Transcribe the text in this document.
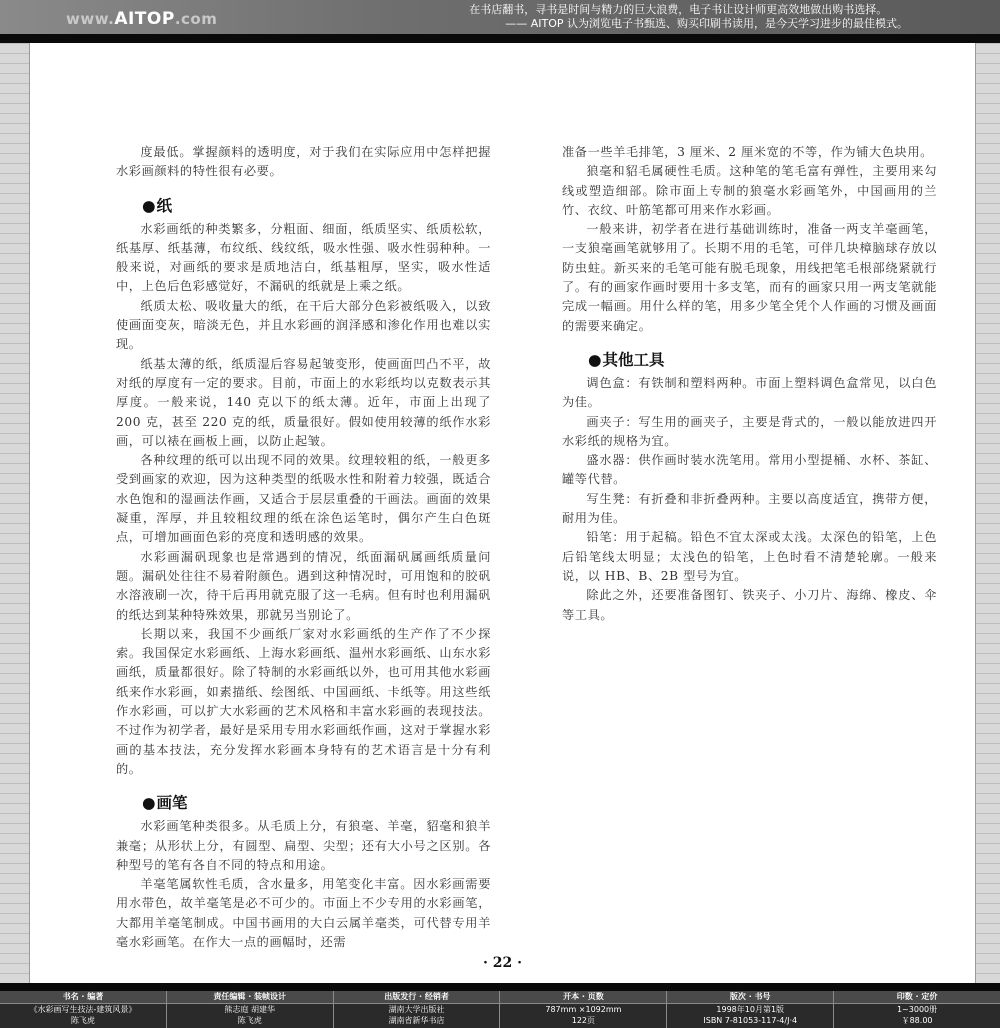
www.AITOP.com
在书店翻书，寻书是时间与精力的巨大浪费，电子书让设计师更高效地做出购书选择。
—— AITOP 认为浏览电子书甄选、购买印刷书读用，是今天学习进步的最佳模式。

度最低。掌握颜料的透明度，对于我们在实际应用中怎样把握水彩画颜料的特性很有必要。

●纸

水彩画纸的种类繁多，分粗面、细面，纸质坚实、纸质松软，纸基厚、纸基薄，布纹纸、线纹纸，吸水性强、吸水性弱种种。一般来说，对画纸的要求是质地洁白，纸基粗厚，坚实，吸水性适中，上色后色彩感觉好，不漏矾的纸就是上乘之纸。

纸质太松、吸收量大的纸，在干后大部分色彩被纸吸入，以致使画面变灰，暗淡无色，并且水彩画的润泽感和渗化作用也难以实现。

纸基太薄的纸，纸质湿后容易起皱变形，使画面凹凸不平，故对纸的厚度有一定的要求。目前，市面上的水彩纸均以克数表示其厚度。一般来说，140 克以下的纸太薄。近年，市面上出现了 200 克，甚至 220 克的纸，质量很好。假如使用较薄的纸作水彩画，可以裱在画板上画，以防止起皱。

各种纹理的纸可以出现不同的效果。纹理较粗的纸，一般更多受到画家的欢迎，因为这种类型的纸吸水性和附着力较强，既适合水色饱和的湿画法作画，又适合于层层重叠的干画法。画面的效果凝重，浑厚，并且较粗纹理的纸在涂色运笔时，偶尔产生白色斑点，可增加画面色彩的亮度和透明感的效果。

水彩画漏矾现象也是常遇到的情况，纸面漏矾属画纸质量问题。漏矾处往往不易着附颜色。遇到这种情况时，可用饱和的胶矾水溶液刷一次，待干后再用就克服了这一毛病。但有时也利用漏矾的纸达到某种特殊效果，那就另当别论了。

长期以来，我国不少画纸厂家对水彩画纸的生产作了不少探索。我国保定水彩画纸、上海水彩画纸、温州水彩画纸、山东水彩画纸，质量都很好。除了特制的水彩画纸以外，也可用其他水彩画纸来作水彩画，如素描纸、绘图纸、中国画纸、卡纸等。用这些纸作水彩画，可以扩大水彩画的艺术风格和丰富水彩画的表现技法。不过作为初学者，最好是采用专用水彩画纸作画，这对于掌握水彩画的基本技法，充分发挥水彩画本身特有的艺术语言是十分有利的。

●画笔

水彩画笔种类很多。从毛质上分，有狼毫、羊毫，貂毫和狼羊兼毫；从形状上分，有圆型、扁型、尖型；还有大小号之区别。各种型号的笔有各自不同的特点和用途。

羊毫笔属软性毛质，含水量多，用笔变化丰富。因水彩画需要用水带色，故羊毫笔是必不可少的。市面上不少专用的水彩画笔，大都用羊毫笔制成。中国书画用的大白云属羊毫类，可代替专用羊毫水彩画笔。在作大一点的画幅时，还需

准备一些羊毛排笔，3 厘米、2 厘米宽的不等，作为铺大色块用。

狼毫和貂毛属硬性毛质。这种笔的笔毛富有弹性，主要用来勾线或塑造细部。除市面上专制的狼毫水彩画笔外，中国画用的兰竹、衣纹、叶筋笔都可用来作水彩画。

一般来讲，初学者在进行基础训练时，准备一两支羊毫画笔，一支狼毫画笔就够用了。长期不用的毛笔，可伴几块樟脑球存放以防虫蛀。新买来的毛笔可能有脱毛现象，用线把笔毛根部绕紧就行了。有的画家作画时要用十多支笔，而有的画家只用一两支笔就能完成一幅画。用什么样的笔，用多少笔全凭个人作画的习惯及画面的需要来确定。

●其他工具

调色盒：有铁制和塑料两种。市面上塑料调色盒常见，以白色为佳。

画夹子：写生用的画夹子，主要是背式的，一般以能放进四开水彩纸的规格为宜。

盛水器：供作画时装水洗笔用。常用小型提桶、水杯、茶缸、罐等代替。

写生凳：有折叠和非折叠两种。主要以高度适宜，携带方便，耐用为佳。

铅笔：用于起稿。铅色不宜太深或太浅。太深色的铅笔，上色后铅笔线太明显；太浅色的铅笔，上色时看不清楚轮廓。一般来说，以 HB、B、2B 型号为宜。

除此之外，还要准备图钉、铁夹子、小刀片、海绵、橡皮、伞等工具。

· 22 ·
书名 · 编著
《水彩画写生技法-建筑风景》
陈飞虎
责任编辑 · 装帧设计
熊志庭 胡建华
陈飞虎
出版发行 · 经销者
湖南大学出版社
湖南省新华书店
开本 · 页数
787mm ×1092mm
122页
版次 · 书号
1998年10月第1版
ISBN 7-81053-117-4/J·4
印数 · 定价
1~3000册
￥88.00
